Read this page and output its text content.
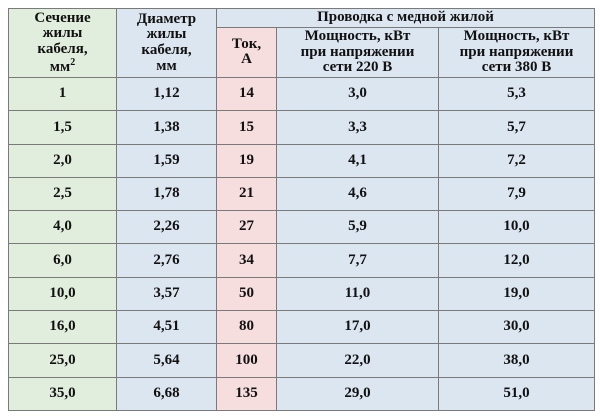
Сечение
жилы
кабеля,
$мм^2$

Диаметр
жилы
кабеля,
мм
	Проводка с медной жилой

Ток,
А

Мощность, кВт
при напряжении
сети 220 В

Мощность, кВт
при напряжении
сети 380 В

1	1,12	14	3,0	5,3
1,5	1,38	15	3,3	5,7
2,0	1,59	19	4,1	7,2
2,5	1,78	21	4,6	7,9
4,0	2,26	27	5,9	10,0
6,0	2,76	34	7,7	12,0
10,0	3,57	50	11,0	19,0
16,0	4,51	80	17,0	30,0
25,0	5,64	100	22,0	38,0
35,0	6,68	135	29,0	51,0
